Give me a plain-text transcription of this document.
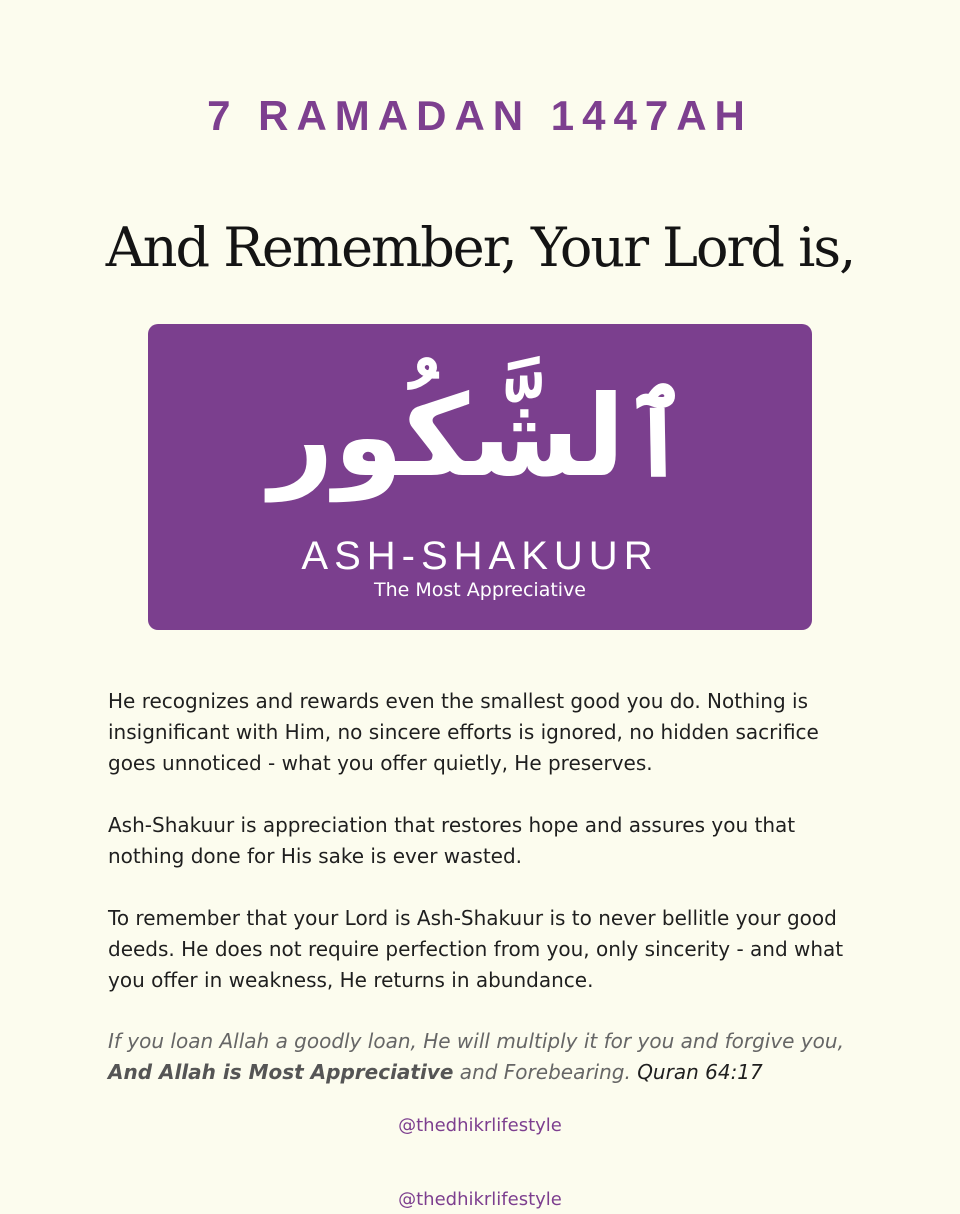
7 RAMADAN 1447AH
And Remember, Your Lord is,
ٱلشَّكُور
ASH-SHAKUUR
The Most Appreciative

He recognizes and rewards even the smallest good you do. Nothing is insignificant with Him, no sincere efforts is ignored, no hidden sacrifice goes unnoticed - what you offer quietly, He preserves.

Ash-Shakuur is appreciation that restores hope and assures you that nothing done for His sake is ever wasted.

To remember that your Lord is Ash-Shakuur is to never bellitle your good deeds. He does not require perfection from you, only sincerity - and what you offer in weakness, He returns in abundance.

If you loan Allah a goodly loan, He will multiply it for you and forgive you, And Allah is Most Appreciative and Forebearing. Quran 64:17
@thedhikrlifestyle
@thedhikrlifestyle
